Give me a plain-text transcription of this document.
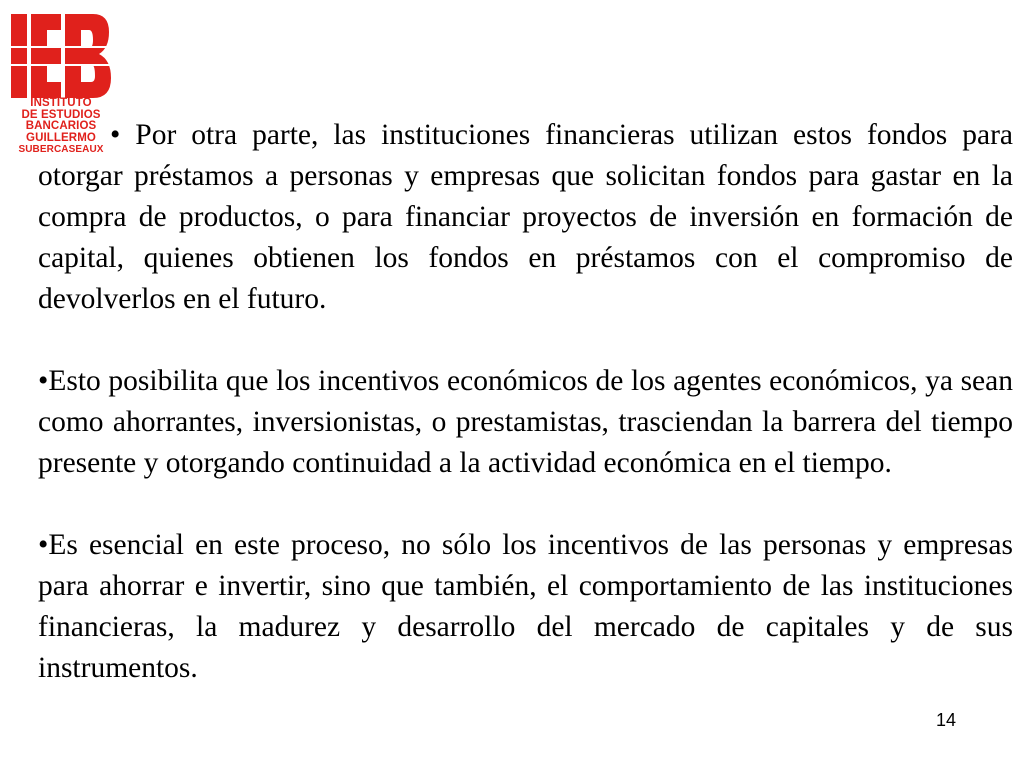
INSTITUTO
DE ESTUDIOS
BANCARIOS
GUILLERMO
SUBERCASEAUX • Por otra parte, las instituciones financieras utilizan estos fondos para otorgar préstamos a personas y empresas que solicitan fondos para gastar en la compra de productos, o para financiar proyectos de inversión en formación de capital, quienes obtienen los fondos en préstamos con el compromiso de devolverlos en el futuro.

•Esto posibilita que los incentivos económicos de los agentes económicos, ya sean como ahorrantes, inversionistas, o prestamistas, trasciendan la barrera del tiempo presente y otorgando continuidad a la actividad económica en el tiempo.

•Es esencial en este proceso, no sólo los incentivos de las personas y empresas para ahorrar e invertir, sino que también, el comportamiento de las instituciones financieras, la madurez y desarrollo del mercado de capitales y de sus instrumentos.

14
